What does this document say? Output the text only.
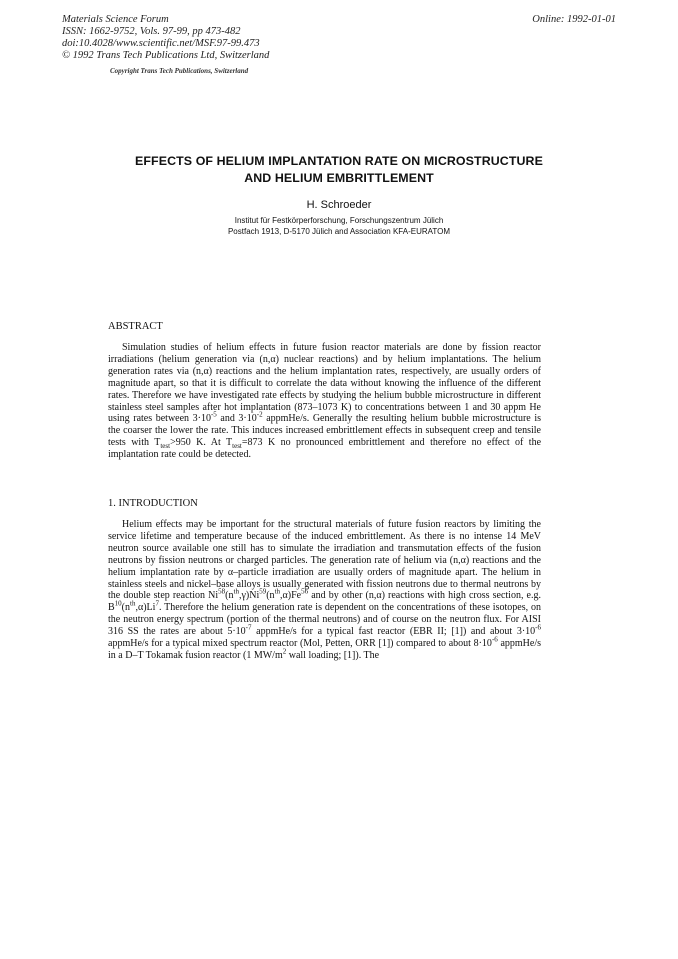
Materials Science Forum
ISSN: 1662-9752, Vols. 97-99, pp 473-482
doi:10.4028/www.scientific.net/MSF.97-99.473
© 1992 Trans Tech Publications Ltd, Switzerland
Online: 1992-01-01
Copyright Trans Tech Publications, Switzerland
EFFECTS OF HELIUM IMPLANTATION RATE ON MICROSTRUCTURE
AND HELIUM EMBRITTLEMENT
H. Schroeder
Institut für Festkörperforschung, Forschungszentrum Jülich
Postfach 1913, D-5170 Jülich and Association KFA-EURATOM
ABSTRACT

Simulation studies of helium effects in future fusion reactor materials are done by fission reactor irradiations (helium generation via (n,α) nuclear reactions) and by helium implantations. The helium generation rates via (n,α) reactions and the helium implantation rates, respectively, are usually orders of magnitude apart, so that it is difficult to correlate the data without knowing the influence of the different rates. Therefore we have investigated rate effects by studying the helium bubble microstructure in different stainless steel samples after hot implantation (873–1073 K) to concentrations between 1 and 30 appm He using rates between $3\cdot 10^{-5}$ and $3\cdot 10^{-2}$ appmHe/s. Generally the resulting helium bubble microstructure is the coarser the lower the rate. This induces increased embrittlement effects in subsequent creep and tensile tests with $T_{test}>950$ K. At $T_{test}=873$ K no pronounced embrittlement and therefore no effect of the implantation rate could be detected.

1. INTRODUCTION

Helium effects may be important for the structural materials of future fusion reactors by limiting the service lifetime and temperature because of the induced embrittlement. As there is no intense 14 MeV neutron source available one still has to simulate the irradiation and transmutation effects of the fusion neutrons by fission neutrons or charged particles. The generation rate of helium via (n,α) reactions and the helium implantation rate by α–particle irradiation are usually orders of magnitude apart. The helium in stainless steels and nickel–base alloys is usually generated with fission neutrons due to thermal neutrons by the double step reaction $Ni^{58}(n^{th},\gamma)Ni^{59}(n^{th},\alpha)Fe^{56}$ and by other (n,α) reactions with high cross section, e.g. $B^{10}(n^{th},\alpha)Li^7$. Therefore the helium generation rate is dependent on the concentrations of these isotopes, on the neutron energy spectrum (portion of the thermal neutrons) and of course on the neutron flux. For AISI 316 SS the rates are about $5\cdot 10^{-7}$ appmHe/s for a typical fast reactor (EBR II; [1]) and about $3\cdot 10^{-6}$ appmHe/s for a typical mixed spectrum reactor (Mol, Petten, ORR [1]) compared to about $8\cdot 10^{-6}$ appmHe/s in a D–T Tokamak fusion reactor (1 $MW/m^2$ wall loading; [1]). The
